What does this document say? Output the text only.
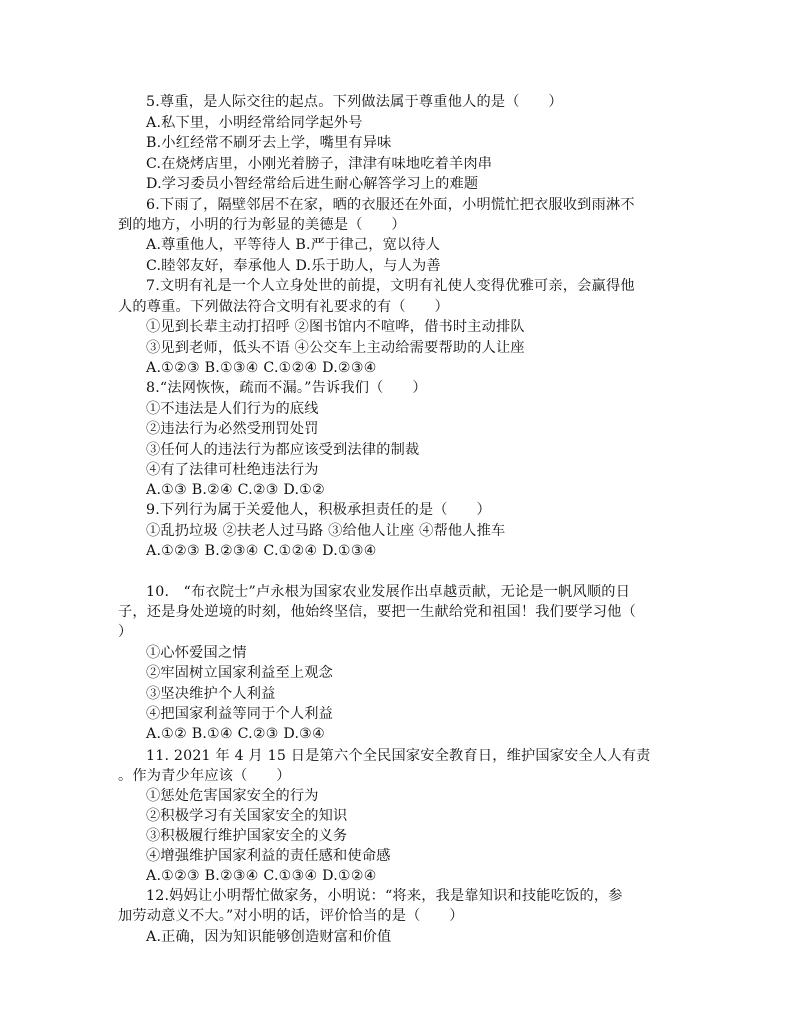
5.尊重，是人际交往的起点。下列做法属于尊重他人的是（　　）
A.私下里，小明经常给同学起外号
B.小红经常不刷牙去上学，嘴里有异味
C.在烧烤店里，小刚光着膀子，津津有味地吃着羊肉串
D.学习委员小智经常给后进生耐心解答学习上的难题
6.下雨了，隔壁邻居不在家，晒的衣服还在外面，小明慌忙把衣服收到雨淋不
到的地方，小明的行为彰显的美德是（　　）
A.尊重他人，平等待人 B.严于律己，宽以待人
C.睦邻友好，奉承他人 D.乐于助人，与人为善
7.文明有礼是一个人立身处世的前提，文明有礼使人变得优雅可亲，会赢得他
人的尊重。下列做法符合文明有礼要求的有（　　）
①见到长辈主动打招呼 ②图书馆内不喧哗，借书时主动排队
③见到老师，低头不语 ④公交车上主动给需要帮助的人让座
A.①②③ B.①③④ C.①②④ D.②③④
8.“法网恢恢，疏而不漏。”告诉我们（　　）
①不违法是人们行为的底线
②违法行为必然受刑罚处罚
③任何人的违法行为都应该受到法律的制裁
④有了法律可杜绝违法行为
A.①③ B.②④ C.②③ D.①②
9.下列行为属于关爱他人，积极承担责任的是（　　）
①乱扔垃圾 ②扶老人过马路 ③给他人让座 ④帮他人推车
A.①②③ B.②③④ C.①②④ D.①③④
10.　“布衣院士”卢永根为国家农业发展作出卓越贡献，无论是一帆风顺的日
子，还是身处逆境的时刻，他始终坚信，要把一生献给党和祖国！我们要学习他（
）
①心怀爱国之情
②牢固树立国家利益至上观念
③坚决维护个人利益
④把国家利益等同于个人利益
A.①② B.①④ C.②③ D.③④
11. 2021 年 4 月 15 日是第六个全民国家安全教育日，维护国家安全人人有责
。作为青少年应该（　　）
①惩处危害国家安全的行为
②积极学习有关国家安全的知识
③积极履行维护国家安全的义务
④增强维护国家利益的责任感和使命感
A.①②③ B.②③④ C.①③④ D.①②④
12.妈妈让小明帮忙做家务，小明说：“将来，我是靠知识和技能吃饭的，参
加劳动意义不大。”对小明的话，评价恰当的是（　　）
A.正确，因为知识能够创造财富和价值
